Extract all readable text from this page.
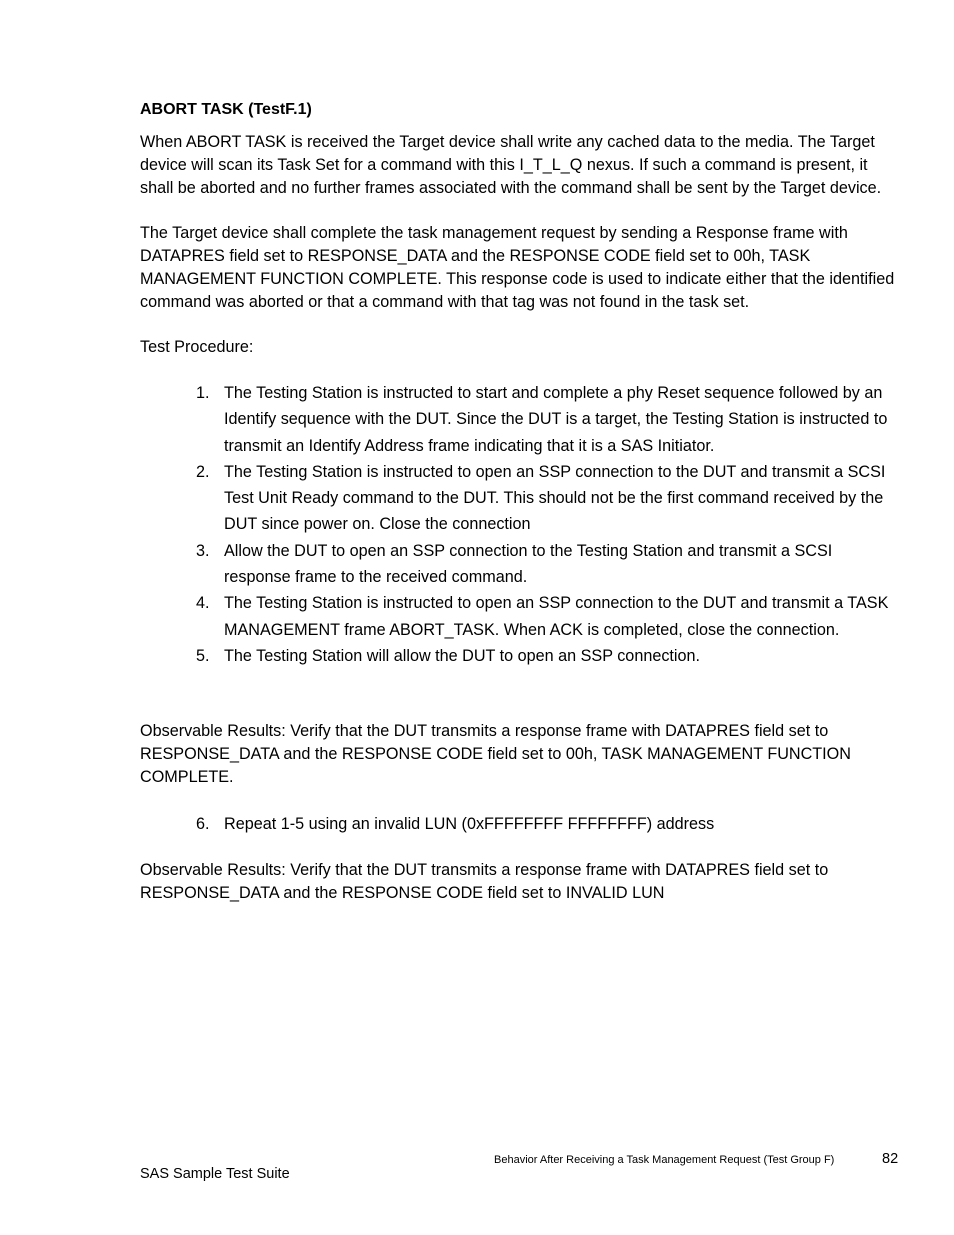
ABORT TASK (TestF.1)
When ABORT TASK is received the Target device shall write any cached data to the media. The Target device will scan its Task Set for a command with this I_T_L_Q nexus. If such a command is present, it shall be aborted and no further frames associated with the command shall be sent by the Target device.
The Target device shall complete the task management request by sending a Response frame with DATAPRES field set to RESPONSE_DATA and the RESPONSE CODE field set to 00h, TASK MANAGEMENT FUNCTION COMPLETE. This response code is used to indicate either that the identified command was aborted or that a command with that tag was not found in the task set.
Test Procedure:
1. The Testing Station is instructed to start and complete a phy Reset sequence followed by an Identify sequence with the DUT. Since the DUT is a target, the Testing Station is instructed to transmit an Identify Address frame indicating that it is a SAS Initiator.
2. The Testing Station is instructed to open an SSP connection to the DUT and transmit a SCSI Test Unit Ready command to the DUT. This should not be the first command received by the DUT since power on. Close the connection
3. Allow the DUT to open an SSP connection to the Testing Station and transmit a SCSI response frame to the received command.
4. The Testing Station is instructed to open an SSP connection to the DUT and transmit a TASK MANAGEMENT frame ABORT_TASK. When ACK is completed, close the connection.
5. The Testing Station will allow the DUT to open an SSP connection.
Observable Results: Verify that the DUT transmits a response frame with DATAPRES field set to RESPONSE_DATA and the RESPONSE CODE field set to 00h, TASK MANAGEMENT FUNCTION COMPLETE.
6. Repeat 1-5 using an invalid LUN (0xFFFFFFFF FFFFFFFF) address
Observable Results: Verify that the DUT transmits a response frame with DATAPRES field set to RESPONSE_DATA and the RESPONSE CODE field set to INVALID LUN
Behavior After Receiving a Task Management Request (Test Group F)	82
SAS Sample Test Suite
